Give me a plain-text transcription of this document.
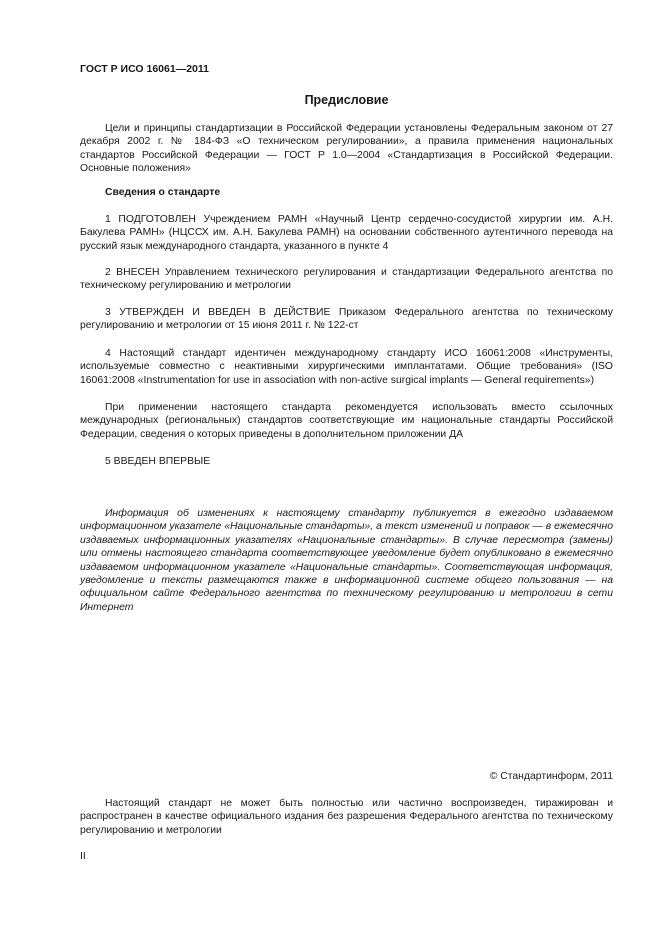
ГОСТ Р ИСО 16061—2011
Предисловие
Цели и принципы стандартизации в Российской Федерации установлены Федеральным законом от 27 декабря 2002 г. № 184-ФЗ «О техническом регулировании», а правила применения национальных стандартов Российской Федерации — ГОСТ Р 1.0—2004 «Стандартизация в Российской Федерации. Основные положения»
Сведения о стандарте
1 ПОДГОТОВЛЕН Учреждением РАМН «Научный Центр сердечно-сосудистой хирургии им. А.Н. Бакулева РАМН» (НЦССХ им. А.Н. Бакулева РАМН) на основании собственного аутентичного перевода на русский язык международного стандарта, указанного в пункте 4
2 ВНЕСЕН Управлением технического регулирования и стандартизации Федерального агентства по техническому регулированию и метрологии
3 УТВЕРЖДЕН И ВВЕДЕН В ДЕЙСТВИЕ Приказом Федерального агентства по техническому регулированию и метрологии от 15 июня 2011 г. № 122-ст
4 Настоящий стандарт идентичен международному стандарту ИСО 16061:2008 «Инструменты, используемые совместно с неактивными хирургическими имплантатами. Общие требования» (ISO 16061:2008 «Instrumentation for use in association with non-active surgical implants — General requirements»)
При применении настоящего стандарта рекомендуется использовать вместо ссылочных международных (региональных) стандартов соответствующие им национальные стандарты Российской Федерации, сведения о которых приведены в дополнительном приложении ДА
5 ВВЕДЕН ВПЕРВЫЕ
Информация об изменениях к настоящему стандарту публикуется в ежегодно издаваемом информационном указателе «Национальные стандарты», а текст изменений и поправок — в ежемесячно издаваемых информационных указателях «Национальные стандарты». В случае пересмотра (замены) или отмены настоящего стандарта соответствующее уведомление будет опубликовано в ежемесячно издаваемом информационном указателе «Национальные стандарты». Соответствующая информация, уведомление и тексты размещаются также в информационной системе общего пользования — на официальном сайте Федерального агентства по техническому регулированию и метрологии в сети Интернет
© Стандартинформ, 2011
Настоящий стандарт не может быть полностью или частично воспроизведен, тиражирован и распространен в качестве официального издания без разрешения Федерального агентства по техническому регулированию и метрологии
II
